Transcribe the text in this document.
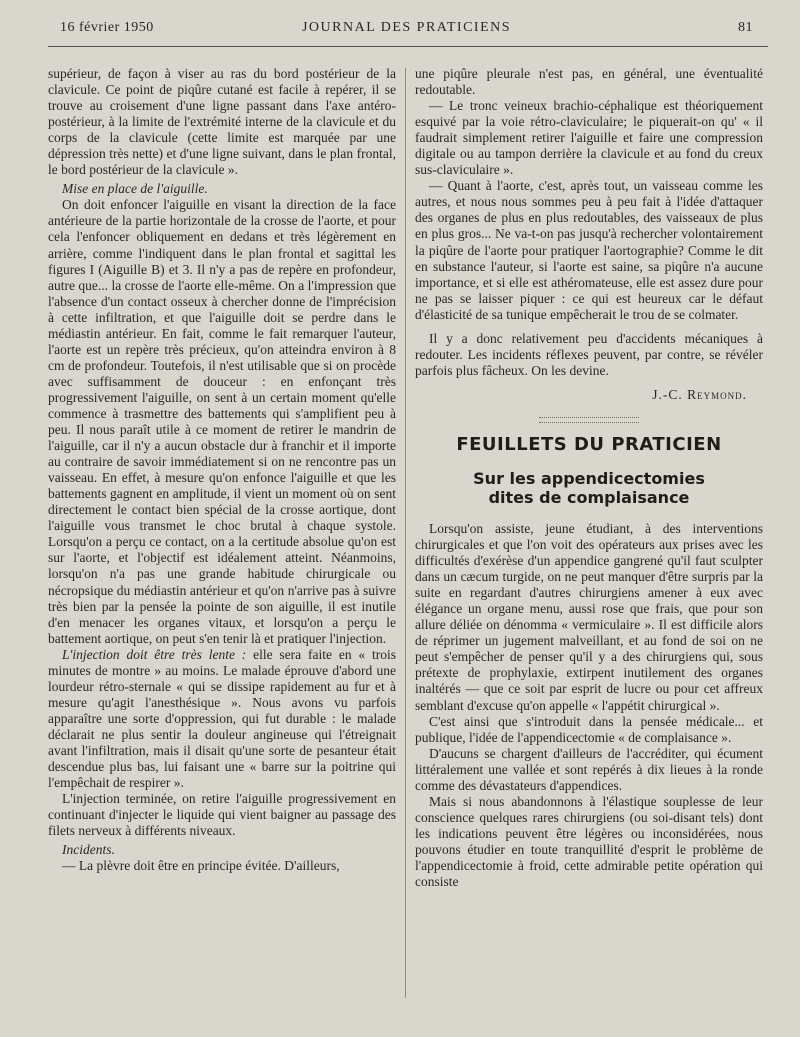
16 février 1950	JOURNAL DES PRATICIENS	81

supérieur, de façon à viser au ras du bord postérieur de la clavicule. Ce point de piqûre cutané est facile à repérer, il se trouve au croisement d'une ligne passant dans l'axe antéro-postérieur, à la limite de l'extrémité interne de la clavicule et du corps de la clavicule (cette limite est marquée par une dépression très nette) et d'une ligne suivant, dans le plan frontal, le bord postérieur de la clavicule ».

Mise en place de l'aiguille.

On doit enfoncer l'aiguille en visant la direction de la face antérieure de la partie horizontale de la crosse de l'aorte, et pour cela l'enfoncer obliquement en dedans et très légèrement en arrière, comme l'indiquent dans le plan frontal et sagittal les figures I (Aiguille B) et 3. Il n'y a pas de repère en profondeur, autre que... la crosse de l'aorte elle-même. On a l'impression que l'absence d'un contact osseux à chercher donne de l'imprécision à cette infiltration, et que l'aiguille doit se perdre dans le médiastin antérieur. En fait, comme le fait remarquer l'auteur, l'aorte est un repère très précieux, qu'on atteindra environ à 8 cm de profondeur. Toutefois, il n'est utilisable que si on procède avec suffisamment de douceur : en enfonçant très progressivement l'aiguille, on sent à un certain moment qu'elle commence à trasmettre des battements qui s'amplifient peu à peu. Il nous paraît utile à ce moment de retirer le mandrin de l'aiguille, car il n'y a aucun obstacle dur à franchir et il importe au contraire de savoir immédiatement si on ne rencontre pas un vaisseau. En effet, à mesure qu'on enfonce l'aiguille et que les battements gagnent en amplitude, il vient un moment où on sent directement le contact bien spécial de la crosse aortique, dont l'aiguille vous transmet le choc brutal à chaque systole. Lorsqu'on a perçu ce contact, on a la certitude absolue qu'on est sur l'aorte, et l'objectif est idéalement atteint. Néanmoins, lorsqu'on n'a pas une grande habitude chirurgicale ou nécropsique du médiastin antérieur et qu'on n'arrive pas à suivre très bien par la pensée la pointe de son aiguille, il est inutile d'en menacer les organes vitaux, et lorsqu'on a perçu le battement aortique, on peut s'en tenir là et pratiquer l'injection.

L'injection doit être très lente : elle sera faite en « trois minutes de montre » au moins. Le malade éprouve d'abord une lourdeur rétro-sternale « qui se dissipe rapidement au fur et à mesure qu'agit l'anesthésique ». Nous avons vu parfois apparaître une sorte d'oppression, qui fut durable : le malade déclarait ne plus sentir la douleur angineuse qui l'étreignait avant l'infiltration, mais il disait qu'une sorte de pesanteur était descendue plus bas, lui faisant une « barre sur la poitrine qui l'empêchait de respirer ».

L'injection terminée, on retire l'aiguille progressivement en continuant d'injecter le liquide qui vient baigner au passage des filets nerveux à différents niveaux.

Incidents.

— La plèvre doit être en principe évitée. D'ailleurs,

une piqûre pleurale n'est pas, en général, une éventualité redoutable.

— Le tronc veineux brachio-céphalique est théoriquement esquivé par la voie rétro-claviculaire; le piquerait-on qu' « il faudrait simplement retirer l'aiguille et faire une compression digitale ou au tampon derrière la clavicule et au fond du creux sus-claviculaire ».

— Quant à l'aorte, c'est, après tout, un vaisseau comme les autres, et nous nous sommes peu à peu fait à l'idée d'attaquer des organes de plus en plus redoutables, des vaisseaux de plus en plus gros... Ne va-t-on pas jusqu'à rechercher volontairement la piqûre de l'aorte pour pratiquer l'aortographie? Comme le dit en substance l'auteur, si l'aorte est saine, sa piqûre n'a aucune importance, et si elle est athéromateuse, elle est assez dure pour ne pas se laisser piquer : ce qui est heureux car le défaut d'élasticité de sa tunique empêcherait le trou de se colmater.

Il y a donc relativement peu d'accidents mécaniques à redouter. Les incidents réflexes peuvent, par contre, se révéler parfois plus fâcheux. On les devine.

J.-C. Reymond.

FEUILLETS DU PRATICIEN
Sur les appendicectomies
dites de complaisance

Lorsqu'on assiste, jeune étudiant, à des interventions chirurgicales et que l'on voit des opérateurs aux prises avec les difficultés d'exérèse d'un appendice gangrené qu'il faut sculpter dans un cæcum turgide, on ne peut manquer d'être surpris par la suite en regardant d'autres chirurgiens amener à eux avec élégance un organe menu, aussi rose que frais, que pour son allure déliée on dénomma « vermiculaire ». Il est difficile alors de réprimer un jugement malveillant, et au fond de soi on ne peut s'empêcher de penser qu'il y a des chirurgiens qui, sous prétexte de prophylaxie, extirpent inutilement des organes inaltérés — que ce soit par esprit de lucre ou pour cet affreux semblant d'excuse qu'on appelle « l'appétit chirurgical ».

C'est ainsi que s'introduit dans la pensée médicale... et publique, l'idée de l'appendicectomie « de complaisance ».

D'aucuns se chargent d'ailleurs de l'accréditer, qui écument littéralement une vallée et sont repérés à dix lieues à la ronde comme des dévastateurs d'appendices.

Mais si nous abandonnons à l'élastique souplesse de leur conscience quelques rares chirurgiens (ou soi-disant tels) dont les indications peuvent être légères ou inconsidérées, nous pouvons étudier en toute tranquillité d'esprit le problème de l'appendicectomie à froid, cette admirable petite opération qui consiste
